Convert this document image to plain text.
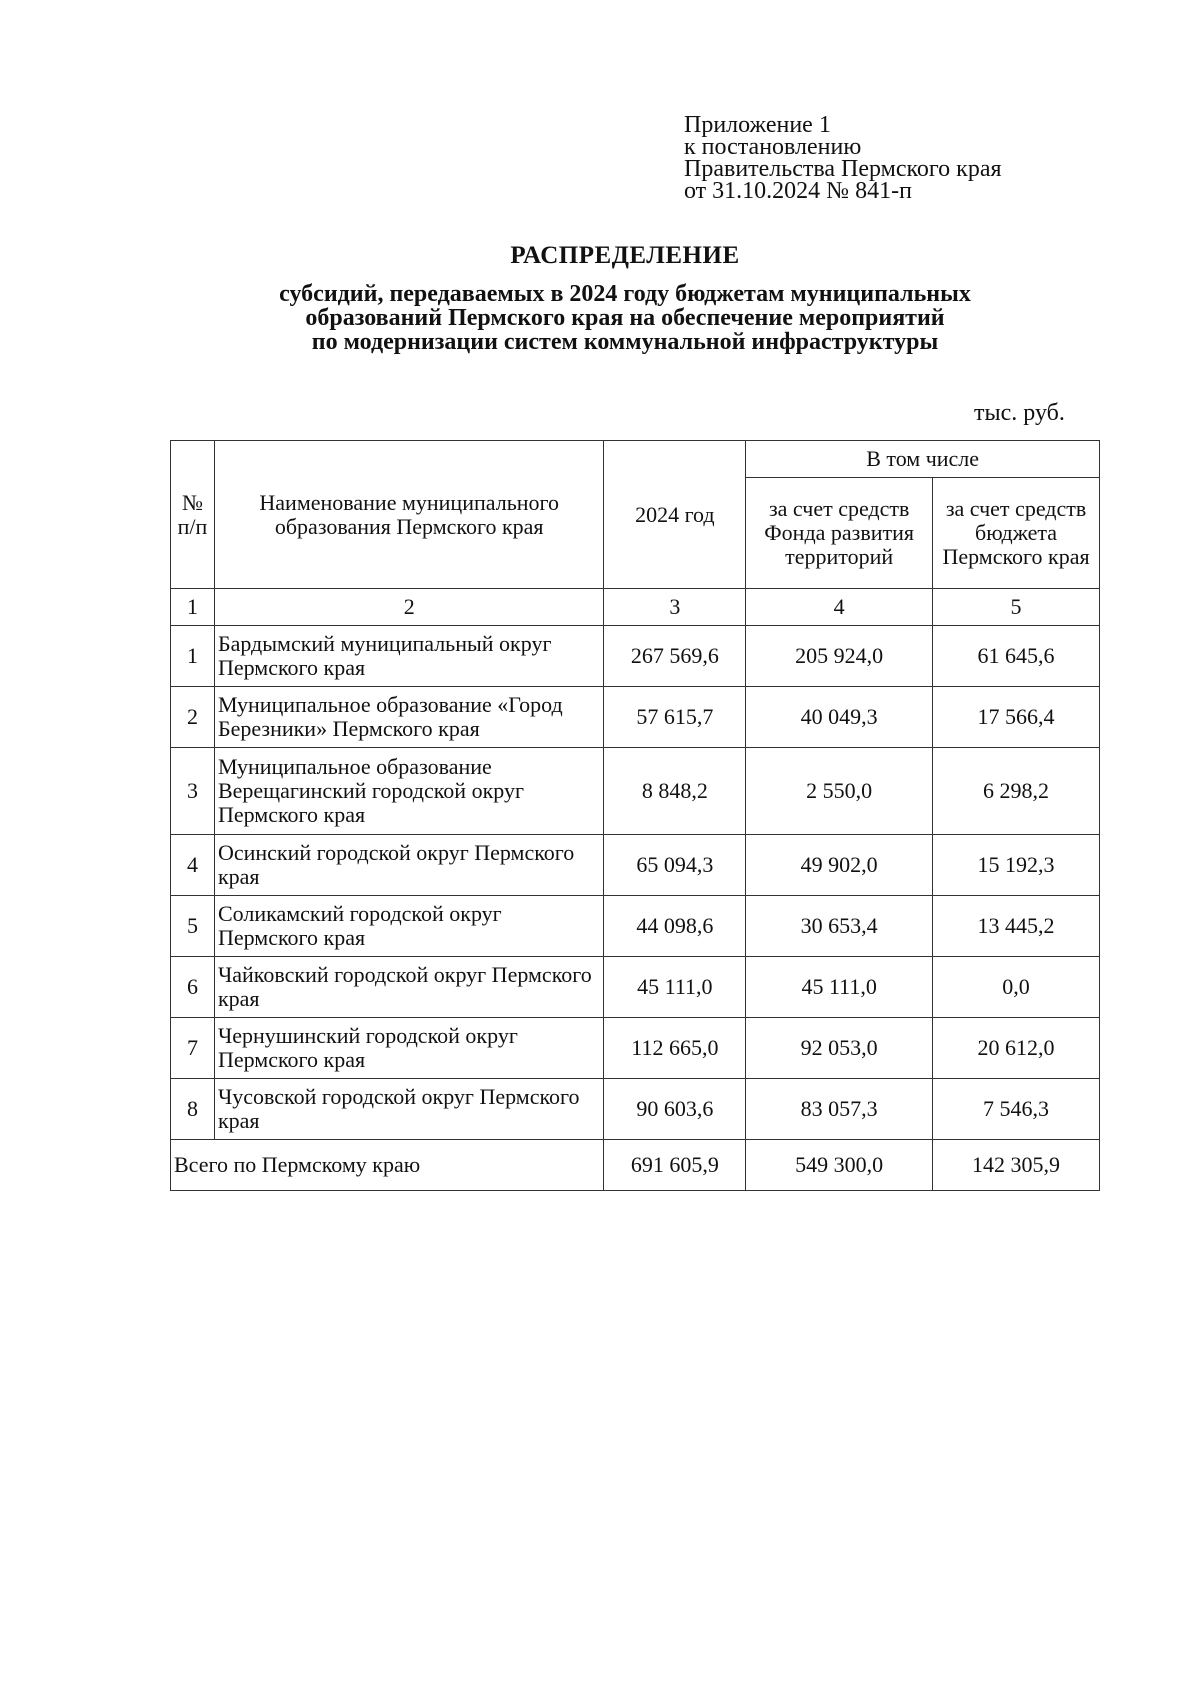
Приложение 1
к постановлению
Правительства Пермского края
от 31.10.2024 № 841-п
РАСПРЕДЕЛЕНИЕ
субсидий, передаваемых в 2024 году бюджетам муниципальных
образований Пермского края на обеспечение мероприятий
по модернизации систем коммунальной инфраструктуры
тыс. руб.
№ п/п	Наименование муниципального образования Пермского края	2024 год	В том числе	
			за счет средств Фонда развития территорий	за счет средств бюджета Пермского края
1	2	3	4	5
1	Бардымский муниципальный округ Пермского края	267 569,6	205 924,0	61 645,6
2	Муниципальное образование «Город Березники» Пермского края	57 615,7	40 049,3	17 566,4
3	Муниципальное образование Верещагинский городской округ Пермского края	8 848,2	2 550,0	6 298,2
4	Осинский городской округ Пермского края	65 094,3	49 902,0	15 192,3
5	Соликамский городской округ Пермского края	44 098,6	30 653,4	13 445,2
6	Чайковский городской округ Пермского края	45 111,0	45 111,0	0,0
7	Чернушинский городской округ Пермского края	112 665,0	92 053,0	20 612,0
8	Чусовской городской округ Пермского края	90 603,6	83 057,3	7 546,3
Всего по Пермскому краю		691 605,9	549 300,0	142 305,9
